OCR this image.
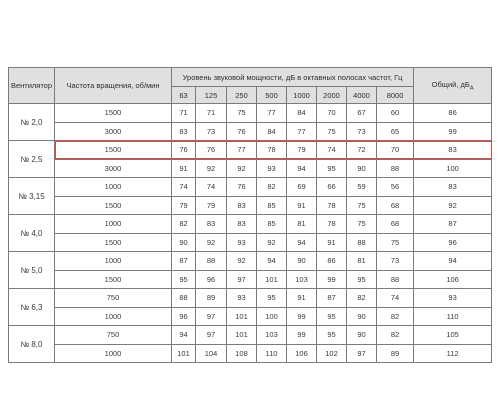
Вентилятор	Частота вращения, об/мин	Уровень звуковой мощности, дБ в октавных полосах частот, Гц								Общий, $дБ_A$
		63	125	250	500	1000	2000	4000	8000	
№ 2,0	1500	71	71	75	77	84	70	67	60	86
	3000	83	73	76	84	77	75	73	65	99
№ 2,5	1500	76	76	77	78	79	74	72	70	83
	3000	91	92	92	93	94	95	90	88	100
№ 3,15	1000	74	74	76	82	69	66	59	56	83
	1500	79	79	83	85	91	78	75	68	92
№ 4,0	1000	82	83	83	85	81	78	75	68	87
	1500	90	92	93	92	94	91	88	75	96
№ 5,0	1000	87	88	92	94	90	86	81	73	94
	1500	95	96	97	101	103	99	95	88	106
№ 6,3	750	88	89	93	95	91	87	82	74	93
	1000	96	97	101	100	99	95	90	82	110
№ 8,0	750	94	97	101	103	99	95	90	82	105
	1000	101	104	108	110	106	102	97	89	112
